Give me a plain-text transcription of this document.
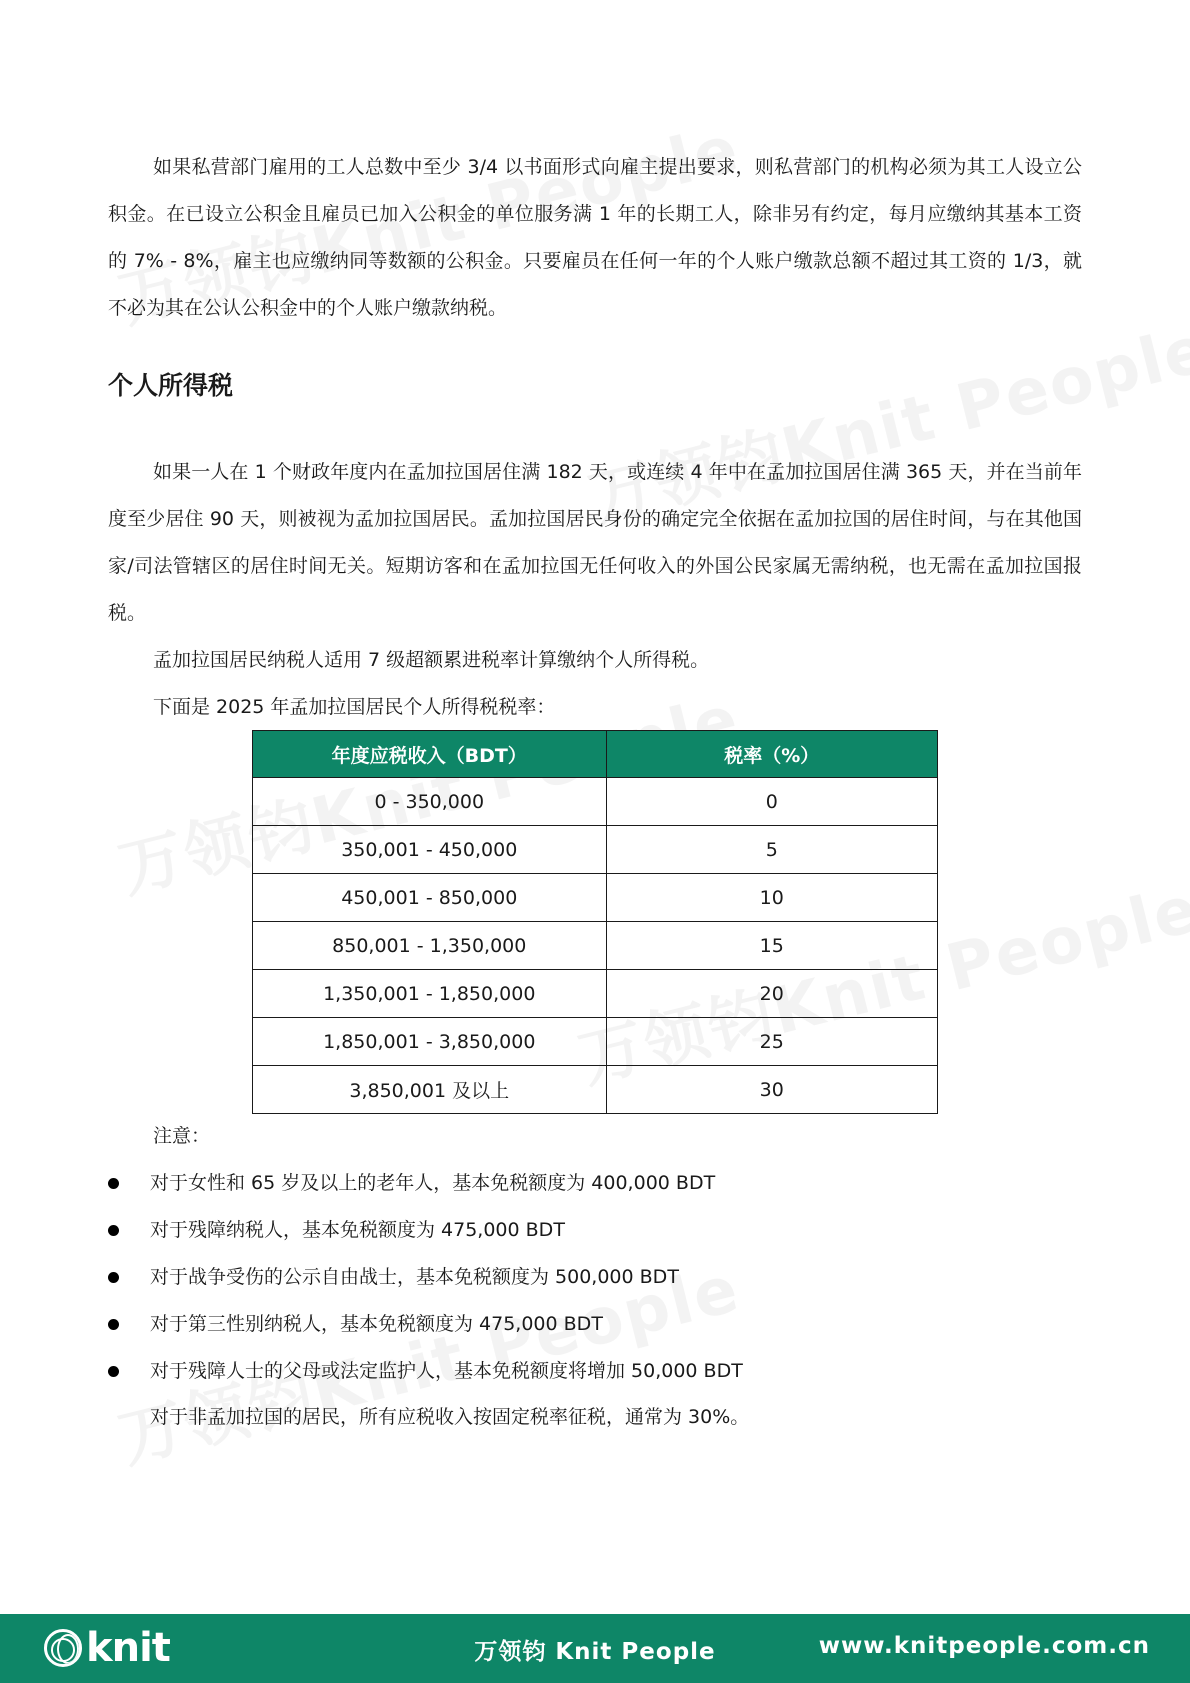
如果私营部门雇用的工人总数中至少 3/4 以书面形式向雇主提出要求，则私营部门的机构必须为其工人设立公积金。在已设立公积金且雇员已加入公积金的单位服务满 1 年的长期工人，除非另有约定，每月应缴纳其基本工资的 7% - 8%，雇主也应缴纳同等数额的公积金。只要雇员在任何一年的个人账户缴款总额不超过其工资的 1/3，就不必为其在公认公积金中的个人账户缴款纳税。

个人所得税

如果一人在 1 个财政年度内在孟加拉国居住满 182 天，或连续 4 年中在孟加拉国居住满 365 天，并在当前年度至少居住 90 天，则被视为孟加拉国居民。孟加拉国居民身份的确定完全依据在孟加拉国的居住时间，与在其他国家/司法管辖区的居住时间无关。短期访客和在孟加拉国无任何收入的外国公民家属无需纳税，也无需在孟加拉国报税。

孟加拉国居民纳税人适用 7 级超额累进税率计算缴纳个人所得税。

下面是 2025 年孟加拉国居民个人所得税税率：

年度应税收入（BDT）	税率（%）
0 - 350,000	0
350,001 - 450,000	5
450,001 - 850,000	10
850,001 - 1,350,000	15
1,350,001 - 1,850,000	20
1,850,001 - 3,850,000	25
3,850,001 及以上	30

注意：

对于女性和 65 岁及以上的老年人，基本免税额度为 400,000 BDT
对于残障纳税人，基本免税额度为 475,000 BDT
对于战争受伤的公示自由战士，基本免税额度为 500,000 BDT
对于第三性别纳税人，基本免税额度为 475,000 BDT
对于残障人士的父母或法定监护人，基本免税额度将增加 50,000 BDT

对于非孟加拉国的居民，所有应税收入按固定税率征税，通常为 30%。

knit	万领钧 Knit People	www.knitpeople.com.cn
